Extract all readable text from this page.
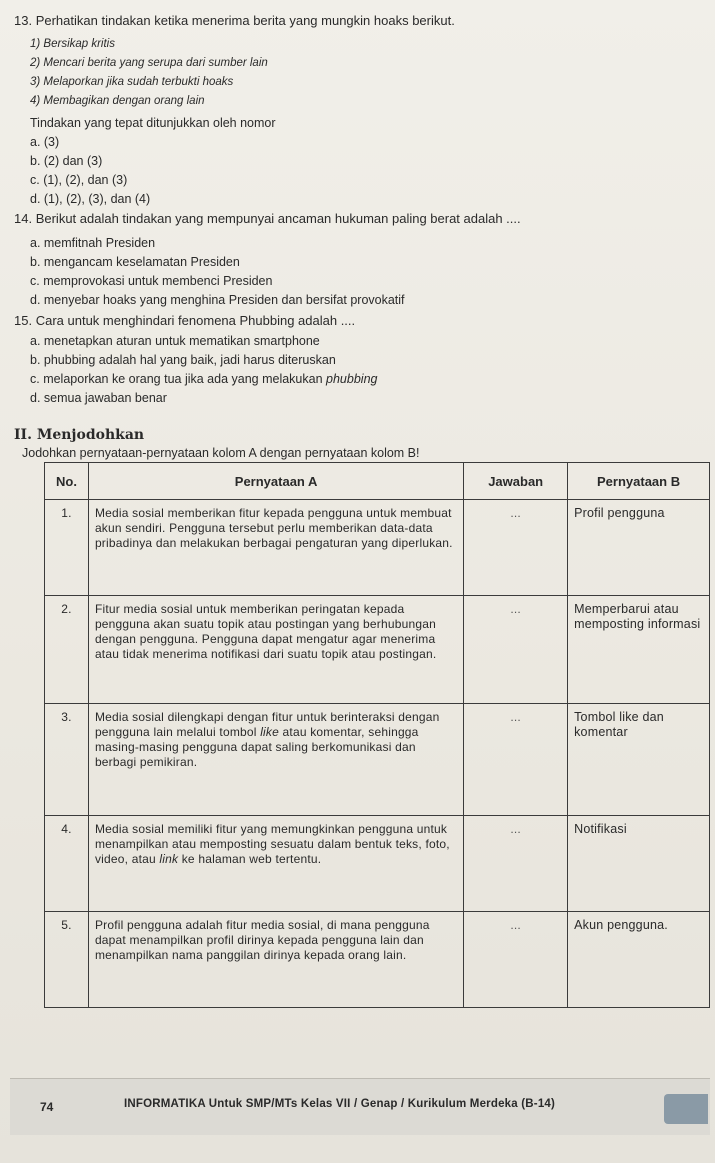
13. Perhatikan tindakan ketika menerima berita yang mungkin hoaks berikut.
1) Bersikap kritis
2) Mencari berita yang serupa dari sumber lain
3) Melaporkan jika sudah terbukti hoaks
4) Membagikan dengan orang lain
Tindakan yang tepat ditunjukkan oleh nomor
a. (3)
b. (2) dan (3)
c. (1), (2), dan (3)
d. (1), (2), (3), dan (4)
14. Berikut adalah tindakan yang mempunyai ancaman hukuman paling berat adalah ....
a. memfitnah Presiden
b. mengancam keselamatan Presiden
c. memprovokasi untuk membenci Presiden
d. menyebar hoaks yang menghina Presiden dan bersifat provokatif
15. Cara untuk menghindari fenomena Phubbing adalah ....
a. menetapkan aturan untuk mematikan smartphone
b. phubbing adalah hal yang baik, jadi harus diteruskan
c. melaporkan ke orang tua jika ada yang melakukan phubbing
d. semua jawaban benar
II. Menjodohkan
Jodohkan pernyataan-pernyataan kolom A dengan pernyataan kolom B!
No.	Pernyataan A	Jawaban	Pernyataan B
1.	Media sosial memberikan fitur kepada pengguna untuk membuat akun sendiri. Pengguna tersebut perlu memberikan data-data pribadinya dan melakukan berbagai pengaturan yang diperlukan.	...	Profil pengguna
2.	Fitur media sosial untuk memberikan peringatan kepada pengguna akan suatu topik atau postingan yang berhubungan dengan pengguna. Pengguna dapat mengatur agar menerima atau tidak menerima notifikasi dari suatu topik atau postingan.	...	Memperbarui atau memposting informasi
3.	Media sosial dilengkapi dengan fitur untuk berinteraksi dengan pengguna lain melalui tombol like atau komentar, sehingga masing-masing pengguna dapat saling berkomunikasi dan berbagi pemikiran.	...	Tombol like dan komentar
4.	Media sosial memiliki fitur yang memungkinkan pengguna untuk menampilkan atau memposting sesuatu dalam bentuk teks, foto, video, atau link ke halaman web tertentu.	...	Notifikasi
5.	Profil pengguna adalah fitur media sosial, di mana pengguna dapat menampilkan profil dirinya kepada pengguna lain dan menampilkan nama panggilan dirinya kepada orang lain.	...	Akun pengguna.
74	INFORMATIKA Untuk SMP/MTs Kelas VII / Genap / Kurikulum Merdeka (B-14)
